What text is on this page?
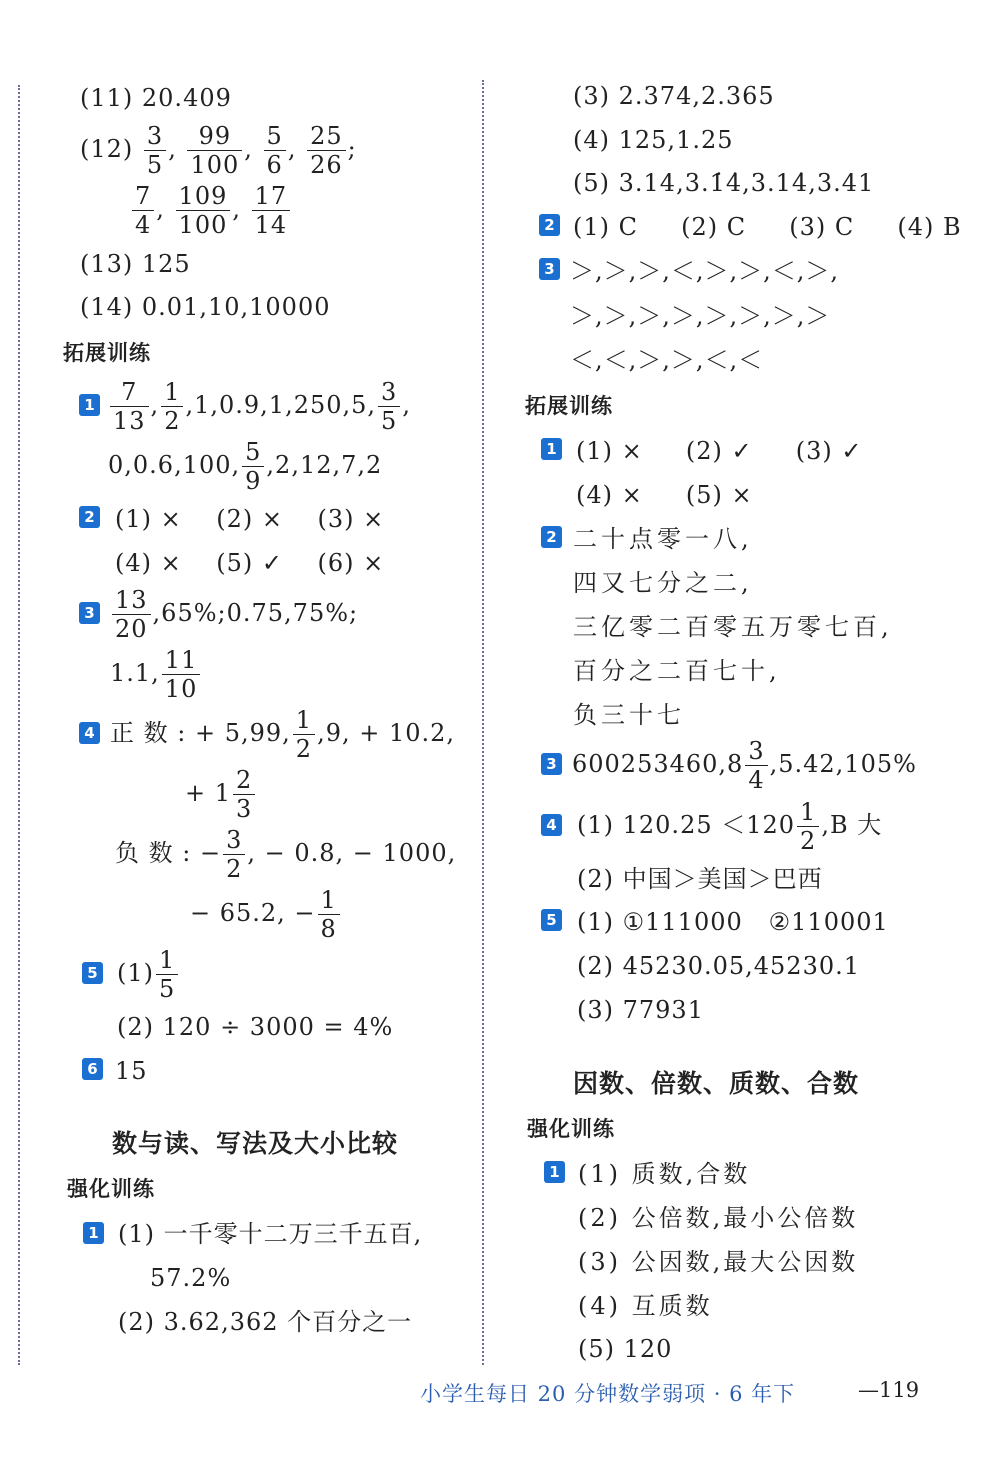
(11) 20.409
$(12) \frac{3}{5}$ , $\frac{99}{100}$ , $\frac{5}{6}$ , $\frac{25}{26}$ ;
$\frac{7}{4}$ , $\frac{109}{100}$ , $\frac{17}{14}$
(13) 125
(14) 0.01,10,10000
拓展训练
$1 \frac{7}{13}$ , $\frac{1}{2} ,1,0.9,1,250,5$, $\frac{3}{5}$ ,
0,0.6,100, $\frac{5}{9} ,2,12,7,2$
2 (1) ×    (2) ×    (3) ×
(4) ×    (5) ✓    (6) ×
$3 \frac{13}{20}$ ,65%;0.75,75%;
1.1, $\frac{11}{10}$
4 正 数 : + 5,99, $\frac{1}{2} ,9$, + 10.2,
+ $1 \frac{2}{3}$
负 数 : − $\frac{3}{2}$ , − 0.8, − 1000,
− 65.2, − $\frac{1}{8}$
5 $(1) \frac{1}{5}$
(2) 120 ÷ 3000 = 4%
6 15
数与读、写法及大小比较
强化训练
1 (1) 一千零十二万三千五百,
57.2%
(2) 3.62,362 个百分之一
(3) 2.374,2.365
(4) 125,1.25
(5) 3.14,3.1̇4̇,3.14̇,3.41
2 (1) C     (2) C     (3) C     (4) B
3 ＞,＞,＞,＜,＞,＞,＜,＞,
＞,＞,＞,＞,＞,＞,＞,＞
＜,＜,＞,＞,＜,＜
拓展训练
1 (1) ×     (2) ✓     (3) ✓
(4) ×     (5) ×
2 二十点零一八,
四又七分之二,
三亿零二百零五万零七百,
百分之二百七十,
负三十七
3 $600253460,8 \frac{3}{4} ,5.42,105\%$
4 (1) $120.25 <120 \frac{1}{2} ,B$ 大
(2) 中国＞美国＞巴西
5 (1) ①111000   ②110001
(2) 45230.05,45230.1
(3) 77931
因数、倍数、质数、合数
强化训练
1 (1) 质数,合数
(2) 公倍数,最小公倍数
(3) 公因数,最大公因数
(4) 互质数
(5) 120
小学生每日 20 分钟数学弱项 · 6 年下	—119
